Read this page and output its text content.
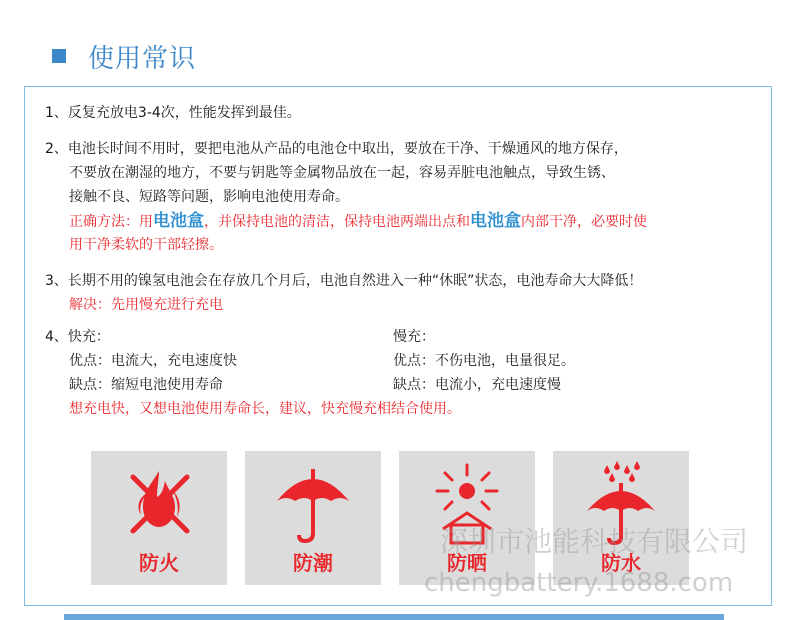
使用常识
1、反复充放电3-4次，性能发挥到最佳。
2、电池长时间不用时，要把电池从产品的电池仓中取出，要放在干净、干燥通风的地方保存，
不要放在潮湿的地方，不要与钥匙等金属物品放在一起，容易弄脏电池触点，导致生锈、
接触不良、短路等问题，影响电池使用寿命。
正确方法：用电池盒，并保持电池的清洁，保持电池两端出点和电池盒内部干净，必要时使
用干净柔软的干部轻擦。
3、长期不用的镍氢电池会在存放几个月后，电池自然进入一种“休眠”状态，电池寿命大大降低！
解决：先用慢充进行充电
4、快充：	慢充：
优点：电流大，充电速度快	优点：不伤电池，电量很足。
缺点：缩短电池使用寿命	缺点：电流小，充电速度慢
想充电快，又想电池使用寿命长，建议，快充慢充相结合使用。
防火	防潮	防晒	防水
深圳市池能科技有限公司
chengbattery.1688.com
